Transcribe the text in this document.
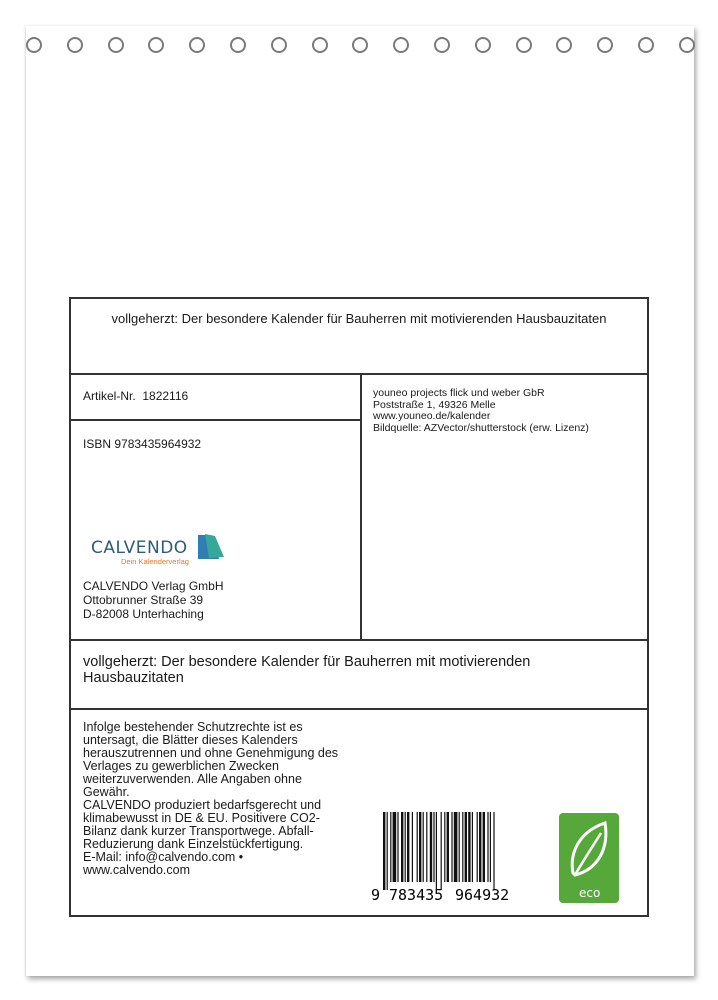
vollgeherzt: Der besondere Kalender für Bauherren mit motivierenden Hausbauzitaten
Artikel-Nr. 1822116
ISBN 9783435964932
CALVENDO
Dein Kalenderverlag
CALVENDO Verlag GmbH
Ottobrunner Straße 39
D-82008 Unterhaching
youneo projects flick und weber GbR
Poststraße 1, 49326 Melle
www.youneo.de/kalender
Bildquelle: AZVector/shutterstock (erw. Lizenz)
vollgeherzt: Der besondere Kalender für Bauherren mit motivierenden Hausbauzitaten
Infolge bestehender Schutzrechte ist es
untersagt, die Blätter dieses Kalenders
herauszutrennen und ohne Genehmigung des
Verlages zu gewerblichen Zwecken
weiterzuverwenden. Alle Angaben ohne
Gewähr.
CALVENDO produziert bedarfsgerecht und
klimabewusst in DE & EU. Positivere CO2-
Bilanz dank kurzer Transportwege. Abfall-
Reduzierung dank Einzelstückfertigung.
E-Mail: info@calvendo.com •
www.calvendo.com
9 783435 964932	eco
